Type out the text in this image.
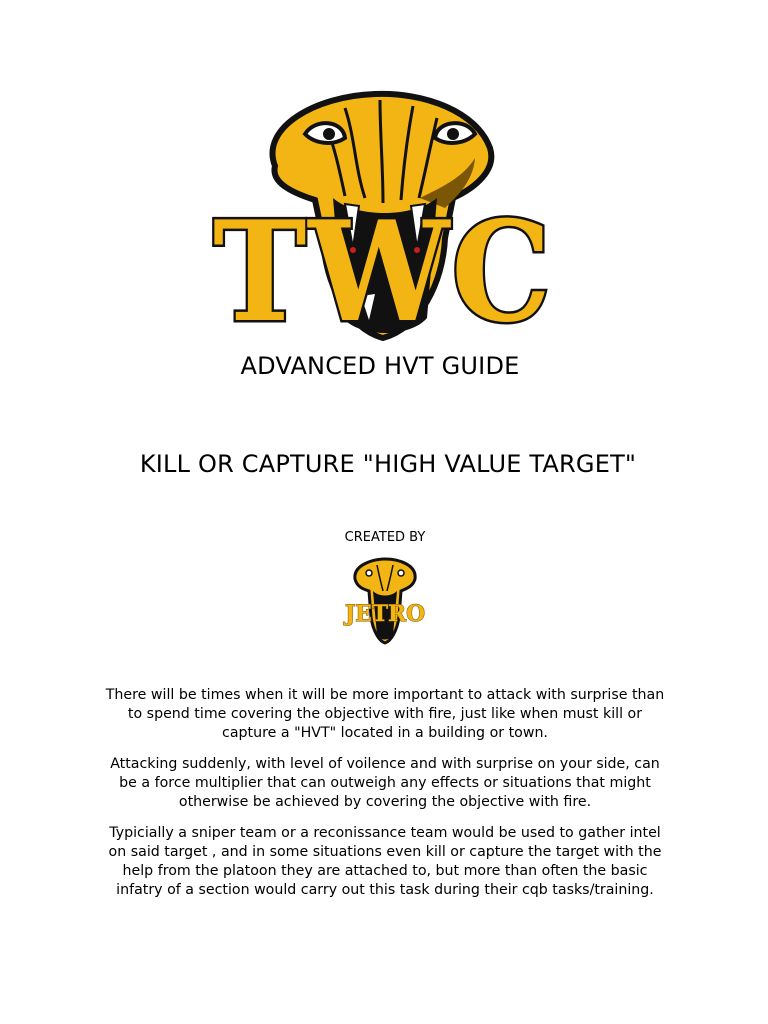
TWC
ADVANCED HVT GUIDE
KILL OR CAPTURE "HIGH VALUE TARGET"
CREATED BY
JETRO

There will be times when it will be more important to attack with surprise than to spend time covering the objective with fire, just like when must kill or capture a "HVT" located in a building or town.

Attacking suddenly, with level of voilence and with surprise on your side, can be a force multiplier that can outweigh any effects or situations that might otherwise be achieved by covering the objective with fire.

Typicially a sniper team or a reconissance team would be used to gather intel on said target , and in some situations even kill or capture the target with the help from the platoon they are attached to, but more than often the basic infatry of a section would carry out this task during their cqb tasks/training.
